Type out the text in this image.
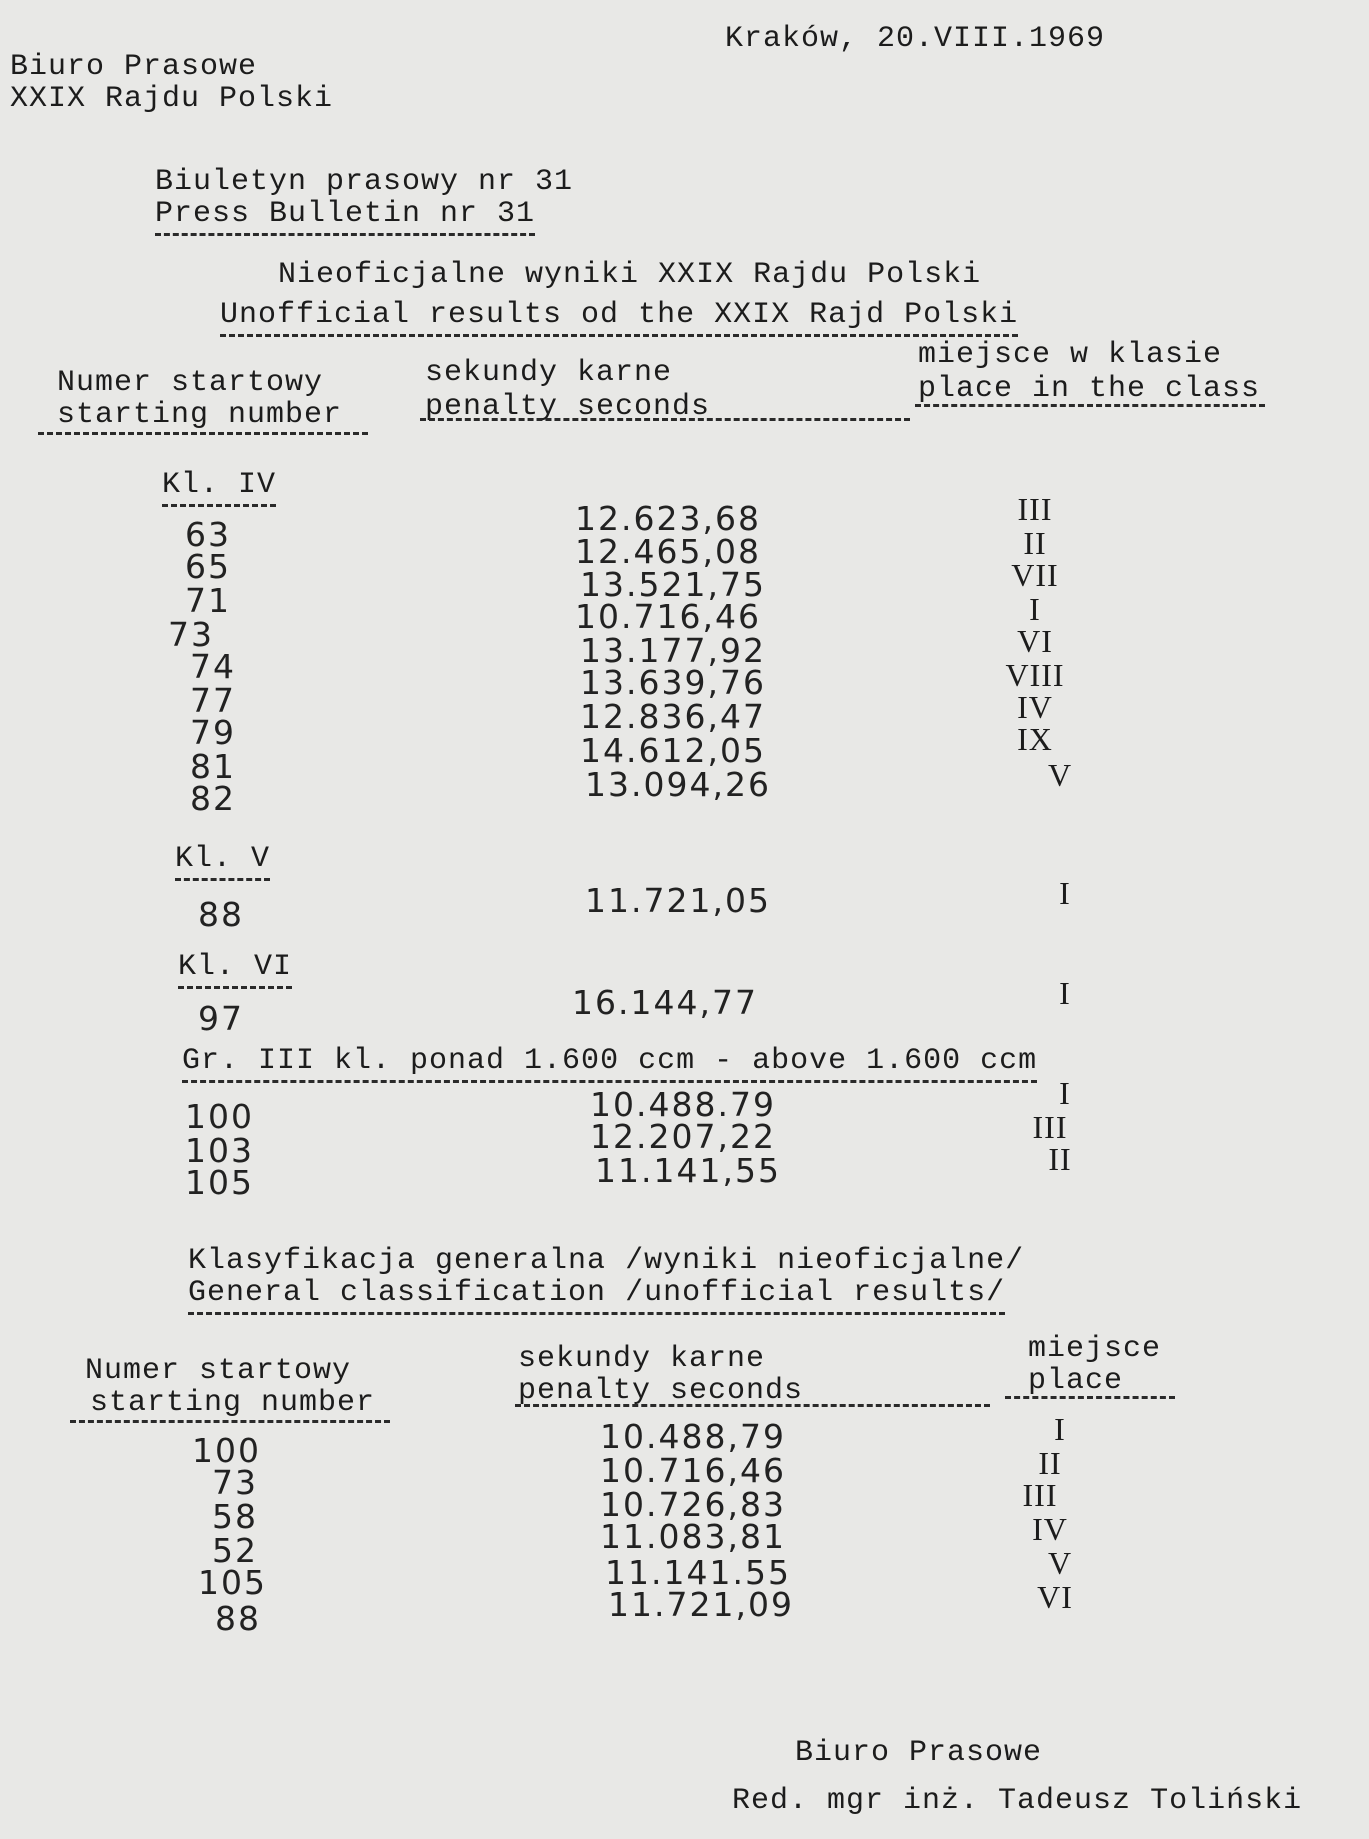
Biuro Prasowe
XXIX Rajdu Polski
Kraków, 20.VIII.1969
Biuletyn prasowy nr 31
Press Bulletin nr 31
Nieoficjalne wyniki XXIX Rajdu Polski
Unofficial results od the XXIX Rajd Polski
Numer startowy
starting number
sekundy karne
penalty seconds
miejsce w klasie
place in the class
Kl. IV
63	12.623,68	III
65	12.465,08	II
71	13.521,75	VII
73	10.716,46	I
74	13.177,92	VI
77	13.639,76	VIII
79	12.836,47	IV
81	14.612,05	IX
82	13.094,26	V
Kl. V
88	11.721,05	I
Kl. VI
97	16.144,77	I
Gr. III kl. ponad 1.600 ccm - above 1.600 ccm
100	10.488.79	I
103	12.207,22	III
105	11.141,55	II
Klasyfikacja generalna /wyniki nieoficjalne/
General classification /unofficial results/
Numer startowy
starting number
sekundy karne
penalty seconds
miejsce
place
100	10.488,79	I
73	10.716,46	II
58	10.726,83	III
52	11.083,81	IV
105	11.141.55	V
88	11.721,09	VI
Biuro Prasowe
Red. mgr inż. Tadeusz Toliński
